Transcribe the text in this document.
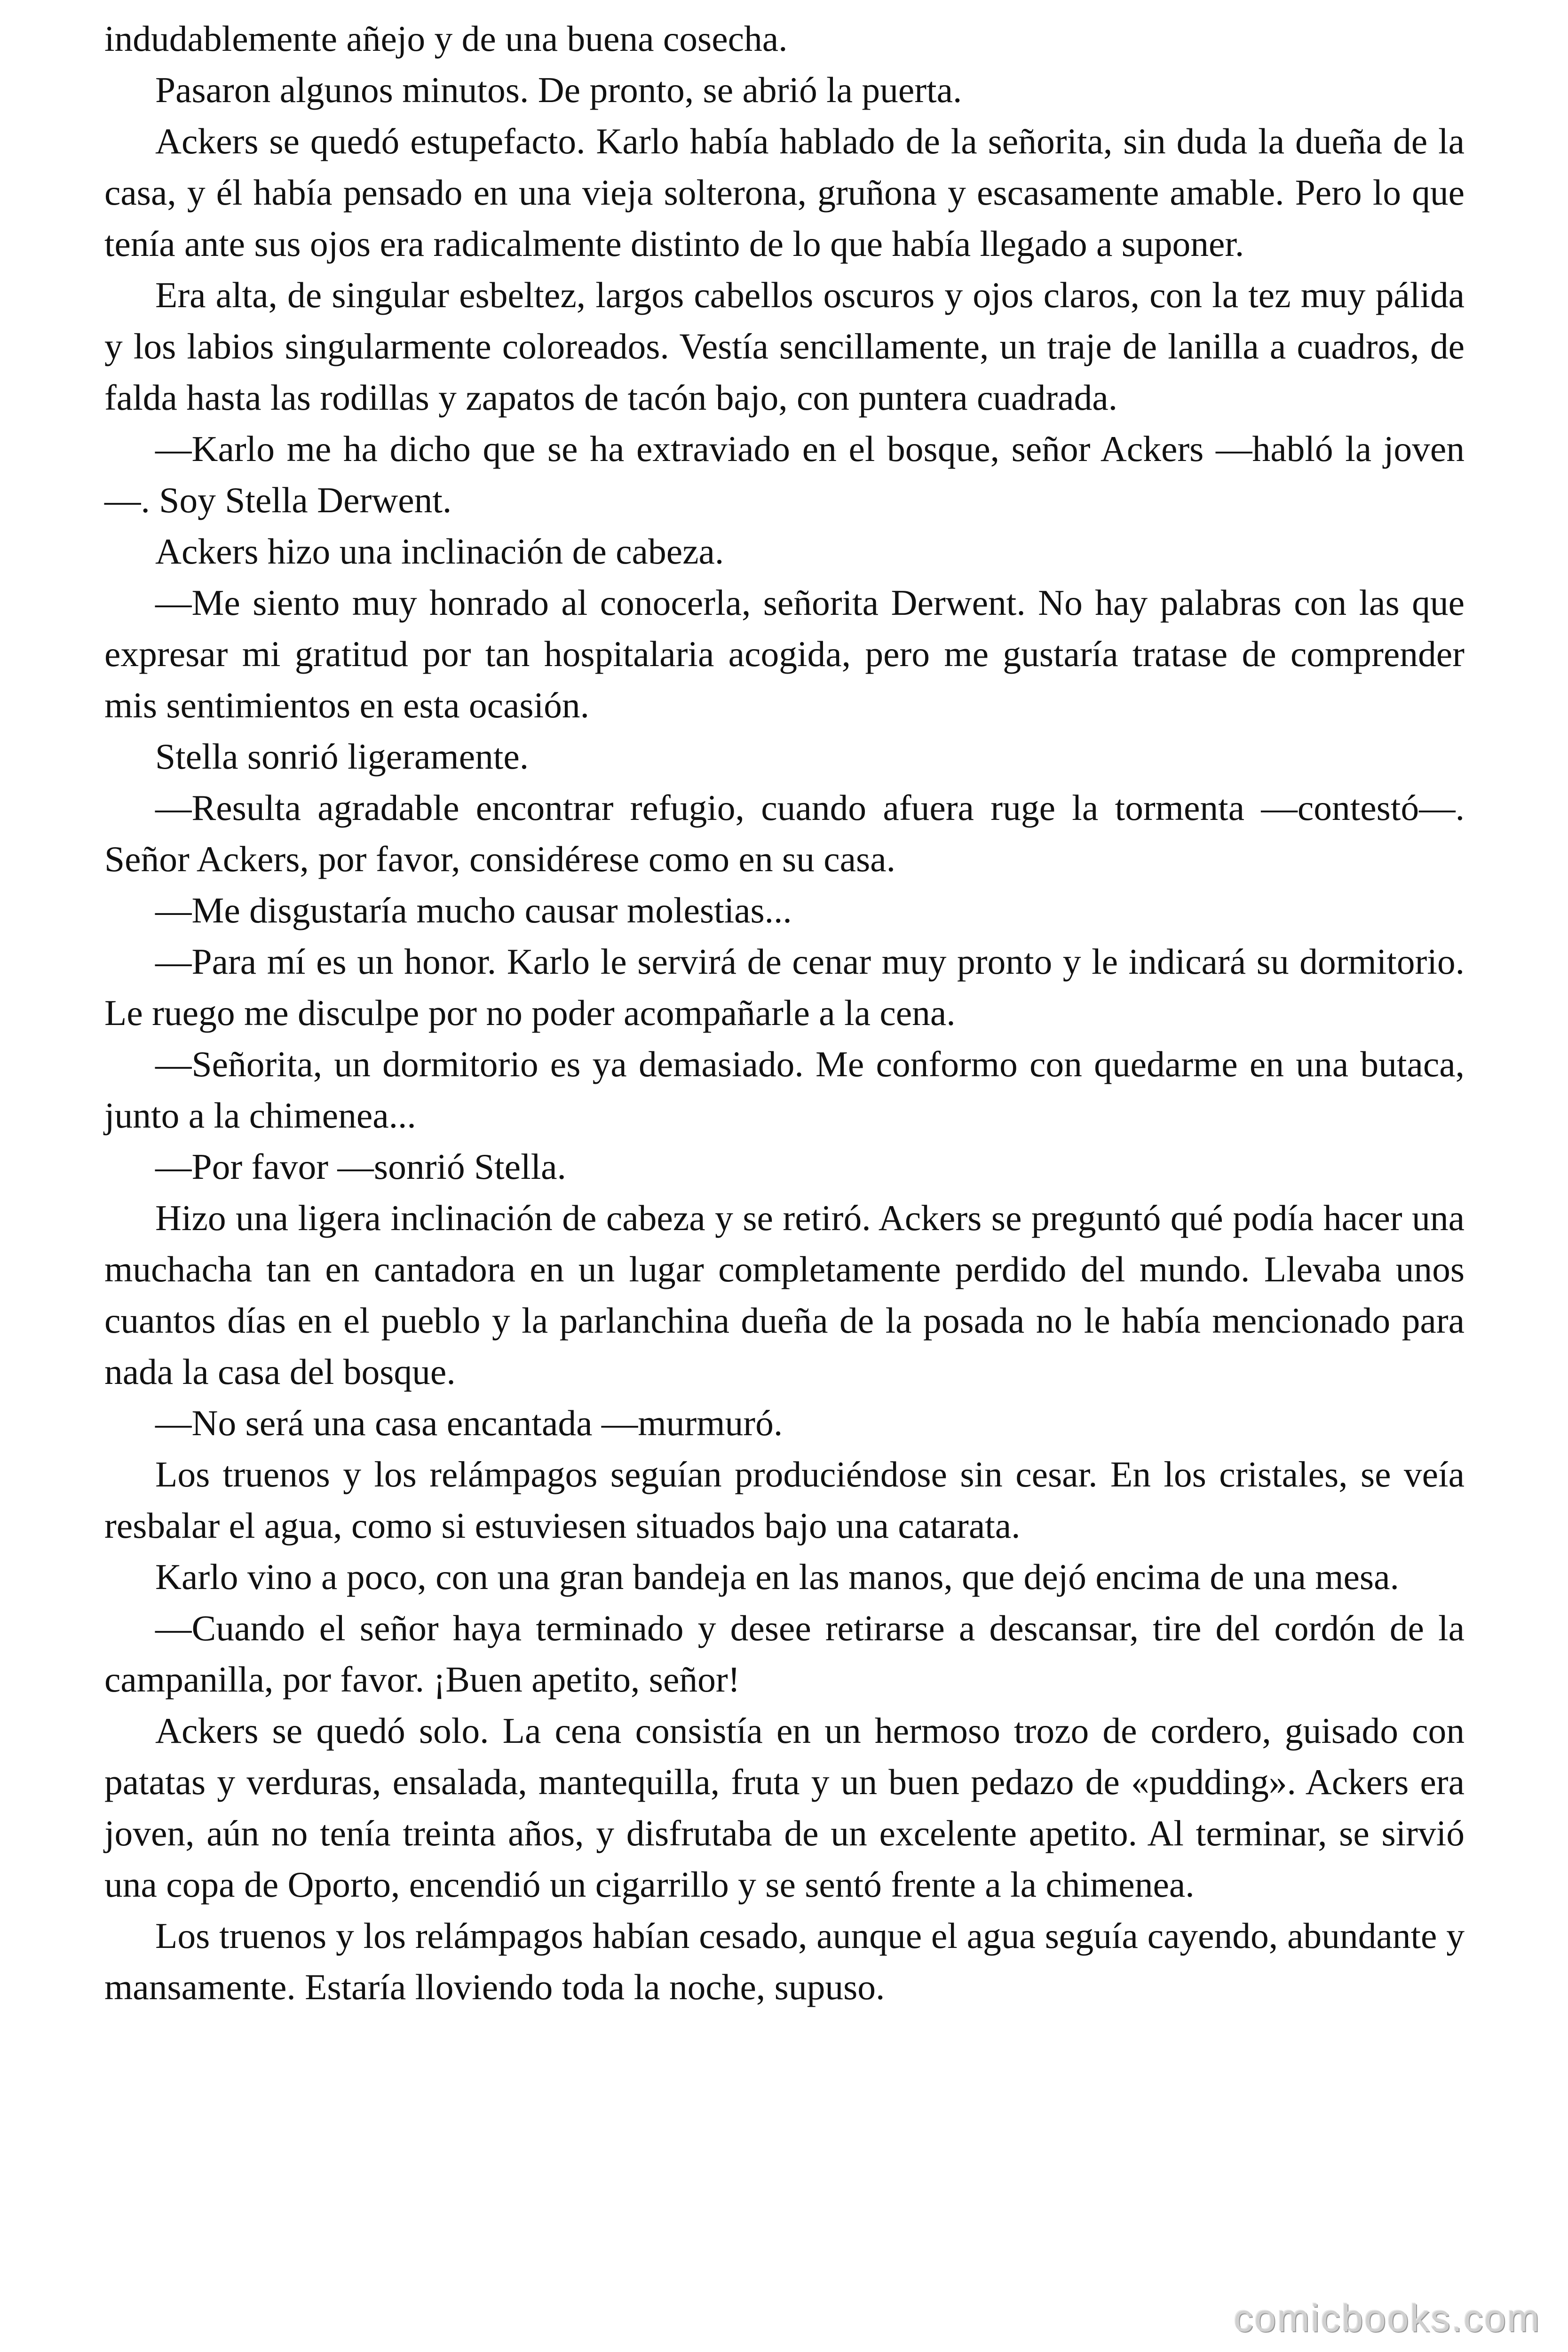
indudablemente añejo y de una buena cosecha.

Pasaron algunos minutos. De pronto, se abrió la puerta.

Ackers se quedó estupefacto. Karlo había hablado de la señorita, sin duda la dueña de la casa, y él había pensado en una vieja solterona, gruñona y escasamente amable. Pero lo que tenía ante sus ojos era radicalmente distinto de lo que había llegado a suponer.

Era alta, de singular esbeltez, largos cabellos oscuros y ojos claros, con la tez muy pálida y los labios singularmente coloreados. Vestía sencillamente, un traje de lanilla a cuadros, de falda hasta las rodillas y zapatos de tacón bajo, con puntera cuadrada.

—Karlo me ha dicho que se ha extraviado en el bosque, señor Ackers —habló la joven—. Soy Stella Derwent.

Ackers hizo una inclinación de cabeza.

—Me siento muy honrado al conocerla, señorita Derwent. No hay palabras con las que expresar mi gratitud por tan hospitalaria acogida, pero me gustaría tratase de comprender mis sentimientos en esta ocasión.

Stella sonrió ligeramente.

—Resulta agradable encontrar refugio, cuando afuera ruge la tormenta —contestó—. Señor Ackers, por favor, considérese como en su casa.

—Me disgustaría mucho causar molestias...

—Para mí es un honor. Karlo le servirá de cenar muy pronto y le indicará su dormitorio. Le ruego me disculpe por no poder acompañarle a la cena.

—Señorita, un dormitorio es ya demasiado. Me conformo con quedarme en una butaca, junto a la chimenea...

—Por favor —sonrió Stella.

Hizo una ligera inclinación de cabeza y se retiró. Ackers se preguntó qué podía hacer una muchacha tan en cantadora en un lugar completamente perdido del mundo. Llevaba unos cuantos días en el pueblo y la parlanchina dueña de la posada no le había mencionado para nada la casa del bosque.

—No será una casa encantada —murmuró.

Los truenos y los relámpagos seguían produciéndose sin cesar. En los cristales, se veía resbalar el agua, como si estuviesen situados bajo una catarata.

Karlo vino a poco, con una gran bandeja en las manos, que dejó encima de una mesa.

—Cuando el señor haya terminado y desee retirarse a descansar, tire del cordón de la campanilla, por favor. ¡Buen apetito, señor!

Ackers se quedó solo. La cena consistía en un hermoso trozo de cordero, guisado con patatas y verduras, ensalada, mantequilla, fruta y un buen pedazo de «pudding». Ackers era joven, aún no tenía treinta años, y disfrutaba de un excelente apetito. Al terminar, se sirvió una copa de Oporto, encendió un cigarrillo y se sentó frente a la chimenea.

Los truenos y los relámpagos habían cesado, aunque el agua seguía cayendo, abundante y mansamente. Estaría lloviendo toda la noche, supuso.

comicbooks.com
